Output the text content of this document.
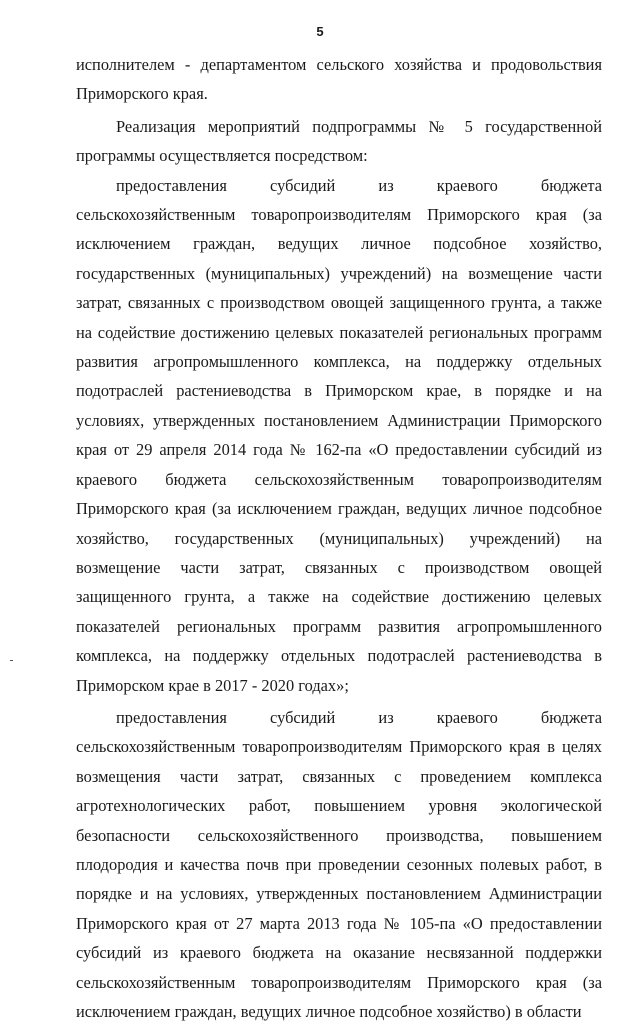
5

исполнителем - департаментом сельского хозяйства и продовольствия

Приморского края.

Реализация мероприятий подпрограммы № 5 государственной программы осуществляется посредством:

предоставления субсидий из краевого бюджета сельскохозяйственным товаропроизводителям Приморского края (за исключением граждан, ведущих личное подсобное хозяйство, государственных (муниципальных) учреждений) на возмещение части затрат, связанных с производством овощей защищенного грунта, а также на содействие достижению целевых показателей региональных программ развития агропромышленного комплекса, на поддержку отдельных подотраслей растениеводства в Приморском крае, в порядке и на условиях, утвержденных постановлением Администрации Приморского края от 29 апреля 2014 года № 162-па «О предоставлении субсидий из краевого бюджета сельскохозяйственным товаропроизводителям Приморского края (за исключением граждан, ведущих личное подсобное хозяйство, государственных (муниципальных) учреждений) на возмещение части затрат, связанных с производством овощей защищенного грунта, а также на содействие достижению целевых показателей региональных программ развития агропромышленного комплекса, на поддержку отдельных подотраслей растениеводства в Приморском крае в 2017 - 2020 годах»;

предоставления субсидий из краевого бюджета сельскохозяйственным товаропроизводителям Приморского края в целях возмещения части затрат, связанных с проведением комплекса агротехнологических работ, повышением уровня экологической безопасности сельскохозяйственного производства, повышением плодородия и качества почв при проведении сезонных полевых работ, в порядке и на условиях, утвержденных постановлением Администрации Приморского края от 27 марта 2013 года № 105-па «О предоставлении субсидий из краевого бюджета на оказание несвязанной поддержки сельскохозяйственным товаропроизводителям Приморского края (за исключением граждан, ведущих личное подсобное хозяйство) в области
